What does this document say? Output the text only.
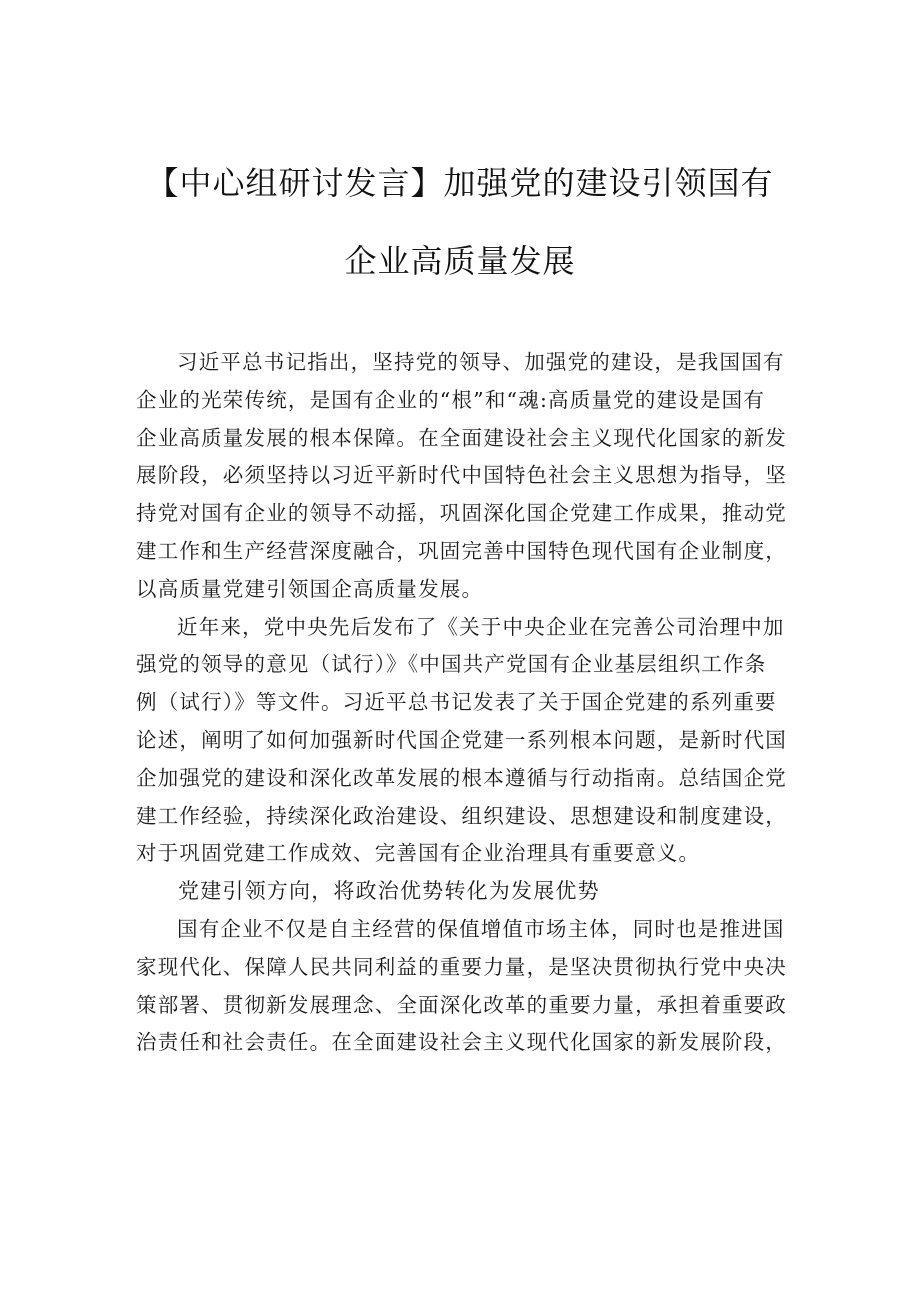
【中心组研讨发言】加强党的建设引领国有
企业高质量发展

习近平总书记指出，坚持党的领导、加强党的建设，是我国国有
企业的光荣传统，是国有企业的“根”和“魂:高质量党的建设是国有
企业高质量发展的根本保障。在全面建设社会主义现代化国家的新发
展阶段，必须坚持以习近平新时代中国特色社会主义思想为指导，坚
持党对国有企业的领导不动摇，巩固深化国企党建工作成果，推动党
建工作和生产经营深度融合，巩固完善中国特色现代国有企业制度，
以高质量党建引领国企高质量发展。

近年来，党中央先后发布了《关于中央企业在完善公司治理中加
强党的领导的意见（试行）》《中国共产党国有企业基层组织工作条
例（试行）》等文件。习近平总书记发表了关于国企党建的系列重要
论述，阐明了如何加强新时代国企党建一系列根本问题，是新时代国
企加强党的建设和深化改革发展的根本遵循与行动指南。总结国企党
建工作经验，持续深化政治建设、组织建设、思想建设和制度建设，
对于巩固党建工作成效、完善国有企业治理具有重要意义。

党建引领方向，将政治优势转化为发展优势

国有企业不仅是自主经营的保值增值市场主体，同时也是推进国
家现代化、保障人民共同利益的重要力量，是坚决贯彻执行党中央决
策部署、贯彻新发展理念、全面深化改革的重要力量，承担着重要政
治责任和社会责任。在全面建设社会主义现代化国家的新发展阶段，
